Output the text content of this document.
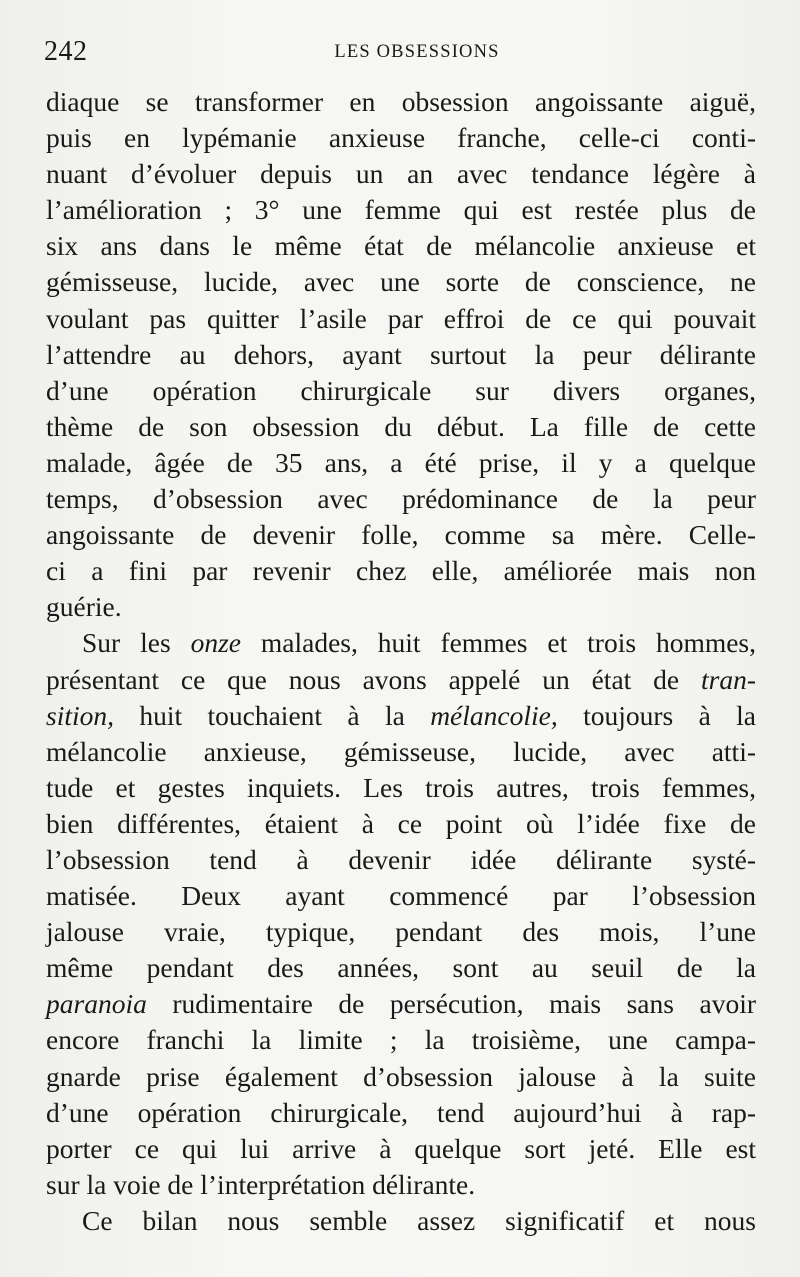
242	LES OBSESSIONS
diaque se transformer en obsession angoissante aiguë,
puis en lypémanie anxieuse franche, celle-ci conti-
nuant d’évoluer depuis un an avec tendance légère à
l’amélioration ; 3° une femme qui est restée plus de
six ans dans le même état de mélancolie anxieuse et
gémisseuse, lucide, avec une sorte de conscience, ne
voulant pas quitter l’asile par effroi de ce qui pouvait
l’attendre au dehors, ayant surtout la peur délirante
d’une opération chirurgicale sur divers organes,
thème de son obsession du début. La fille de cette
malade, âgée de 35 ans, a été prise, il y a quelque
temps, d’obsession avec prédominance de la peur
angoissante de devenir folle, comme sa mère. Celle-
ci a fini par revenir chez elle, améliorée mais non
guérie.
Sur les onze malades, huit femmes et trois hommes,
présentant ce que nous avons appelé un état de tran-
sition, huit touchaient à la mélancolie, toujours à la
mélancolie anxieuse, gémisseuse, lucide, avec atti-
tude et gestes inquiets. Les trois autres, trois femmes,
bien différentes, étaient à ce point où l’idée fixe de
l’obsession tend à devenir idée délirante systé-
matisée. Deux ayant commencé par l’obsession
jalouse vraie, typique, pendant des mois, l’une
même pendant des années, sont au seuil de la
paranoia rudimentaire de persécution, mais sans avoir
encore franchi la limite ; la troisième, une campa-
gnarde prise également d’obsession jalouse à la suite
d’une opération chirurgicale, tend aujourd’hui à rap-
porter ce qui lui arrive à quelque sort jeté. Elle est
sur la voie de l’interprétation délirante.
Ce bilan nous semble assez significatif et nous
